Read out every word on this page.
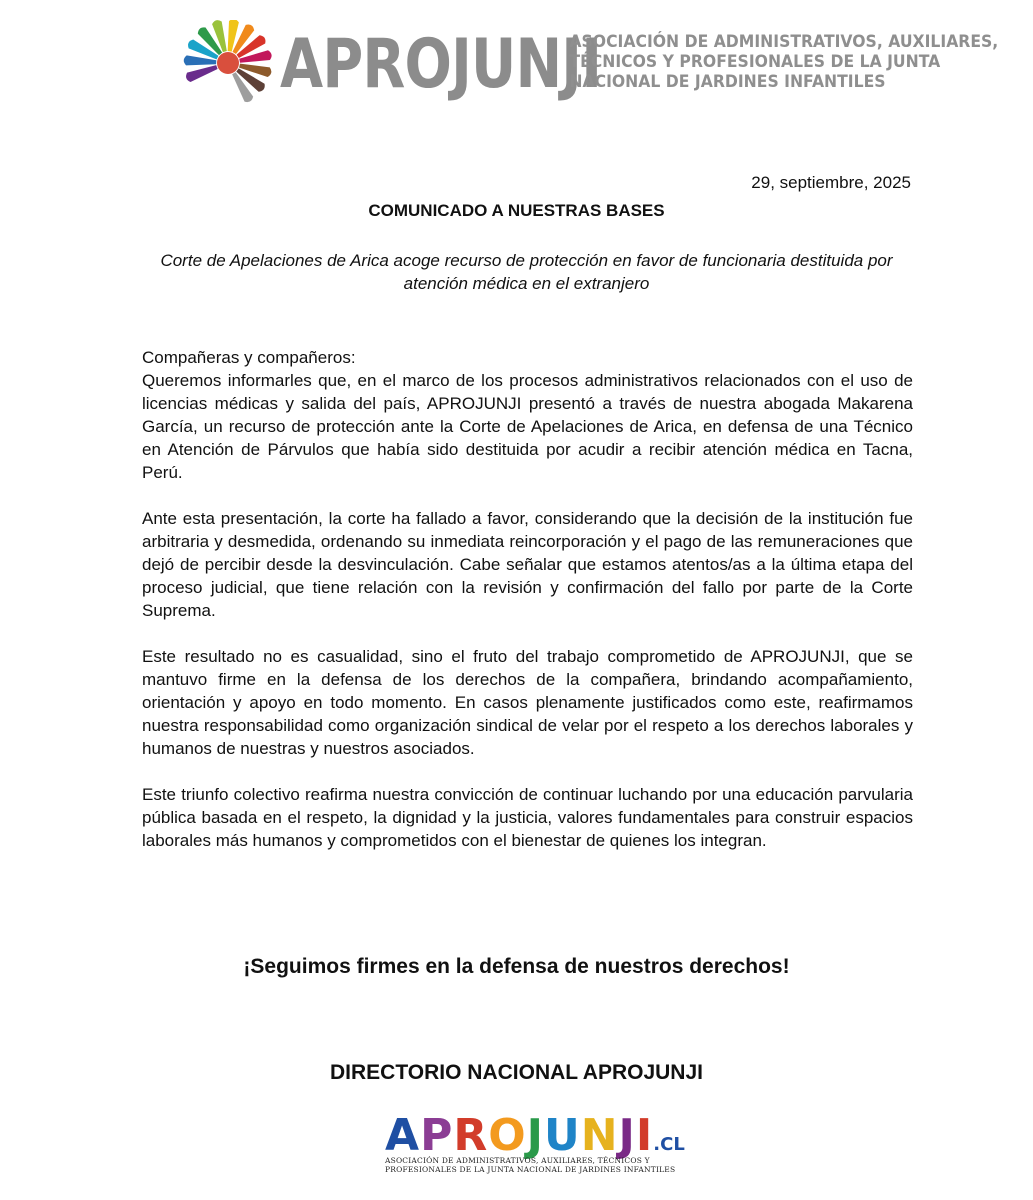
APROJUNJI
ASOCIACIÓN DE ADMINISTRATIVOS, AUXILIARES,
TÉCNICOS Y PROFESIONALES DE LA JUNTA
NACIONAL DE JARDINES INFANTILES
29, septiembre, 2025
COMUNICADO A NUESTRAS BASES
Corte de Apelaciones de Arica acoge recurso de protección en favor de funcionaria destituida por atención médica en el extranjero

Compañeras y compañeros:

Queremos informarles que, en el marco de los procesos administrativos relacionados con el uso de licencias médicas y salida del país, APROJUNJI presentó a través de nuestra abogada Makarena García, un recurso de protección ante la Corte de Apelaciones de Arica, en defensa de una Técnico en Atención de Párvulos que había sido destituida por acudir a recibir atención médica en Tacna, Perú.

Ante esta presentación, la corte ha fallado a favor, considerando que la decisión de la institución fue arbitraria y desmedida, ordenando su inmediata reincorporación y el pago de las remuneraciones que dejó de percibir desde la desvinculación. Cabe señalar que estamos atentos/as a la última etapa del proceso judicial, que tiene relación con la revisión y confirmación del fallo por parte de la Corte Suprema.

Este resultado no es casualidad, sino el fruto del trabajo comprometido de APROJUNJI, que se mantuvo firme en la defensa de los derechos de la compañera, brindando acompañamiento, orientación y apoyo en todo momento. En casos plenamente justificados como este, reafirmamos nuestra responsabilidad como organización sindical de velar por el respeto a los derechos laborales y humanos de nuestras y nuestros asociados.

Este triunfo colectivo reafirma nuestra convicción de continuar luchando por una educación parvularia pública basada en el respeto, la dignidad y la justicia, valores fundamentales para construir espacios laborales más humanos y comprometidos con el bienestar de quienes los integran.

¡Seguimos firmes en la defensa de nuestros derechos!
DIRECTORIO NACIONAL APROJUNJI
APROJUNJI.CL
ASOCIACIÓN DE ADMINISTRATIVOS, AUXILIARES, TÉCNICOS Y
PROFESIONALES DE LA JUNTA NACIONAL DE JARDINES INFANTILES
